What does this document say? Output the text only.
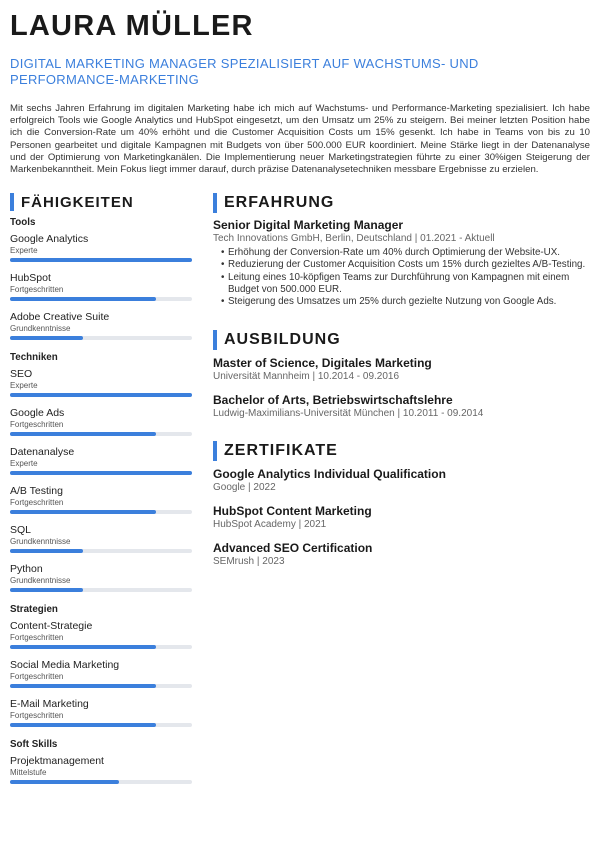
LAURA MÜLLER
DIGITAL MARKETING MANAGER SPEZIALISIERT AUF WACHSTUMS- UND PERFORMANCE-MARKETING
Mit sechs Jahren Erfahrung im digitalen Marketing habe ich mich auf Wachstums- und Performance-Marketing spezialisiert. Ich habe erfolgreich Tools wie Google Analytics und HubSpot eingesetzt, um den Umsatz um 25% zu steigern. Bei meiner letzten Position habe ich die Conversion-Rate um 40% erhöht und die Customer Acquisition Costs um 15% gesenkt. Ich habe in Teams von bis zu 10 Personen gearbeitet und digitale Kampagnen mit Budgets von über 500.000 EUR koordiniert. Meine Stärke liegt in der Datenanalyse und der Optimierung von Marketingkanälen. Die Implementierung neuer Marketingstrategien führte zu einer 30%igen Steigerung der Markenbekanntheit. Mein Fokus liegt immer darauf, durch präzise Datenanalysetechniken messbare Ergebnisse zu erzielen.
FÄHIGKEITEN
Tools
Google Analytics
Experte
HubSpot
Fortgeschritten
Adobe Creative Suite
Grundkenntnisse
Techniken
SEO
Experte
Google Ads
Fortgeschritten
Datenanalyse
Experte
A/B Testing
Fortgeschritten
SQL
Grundkenntnisse
Python
Grundkenntnisse
Strategien
Content-Strategie
Fortgeschritten
Social Media Marketing
Fortgeschritten
E-Mail Marketing
Fortgeschritten
Soft Skills
Projektmanagement
Mittelstufe
ERFAHRUNG
Senior Digital Marketing Manager
Tech Innovations GmbH, Berlin, Deutschland | 01.2021 - Aktuell
• Erhöhung der Conversion-Rate um 40% durch Optimierung der Website-UX.
• Reduzierung der Customer Acquisition Costs um 15% durch gezieltes A/B-Testing.
• Leitung eines 10-köpfigen Teams zur Durchführung von Kampagnen mit einem Budget von 500.000 EUR.
• Steigerung des Umsatzes um 25% durch gezielte Nutzung von Google Ads.
AUSBILDUNG
Master of Science, Digitales Marketing
Universität Mannheim | 10.2014 - 09.2016
Bachelor of Arts, Betriebswirtschaftslehre
Ludwig-Maximilians-Universität München | 10.2011 - 09.2014
ZERTIFIKATE
Google Analytics Individual Qualification
Google | 2022
HubSpot Content Marketing
HubSpot Academy | 2021
Advanced SEO Certification
SEMrush | 2023
